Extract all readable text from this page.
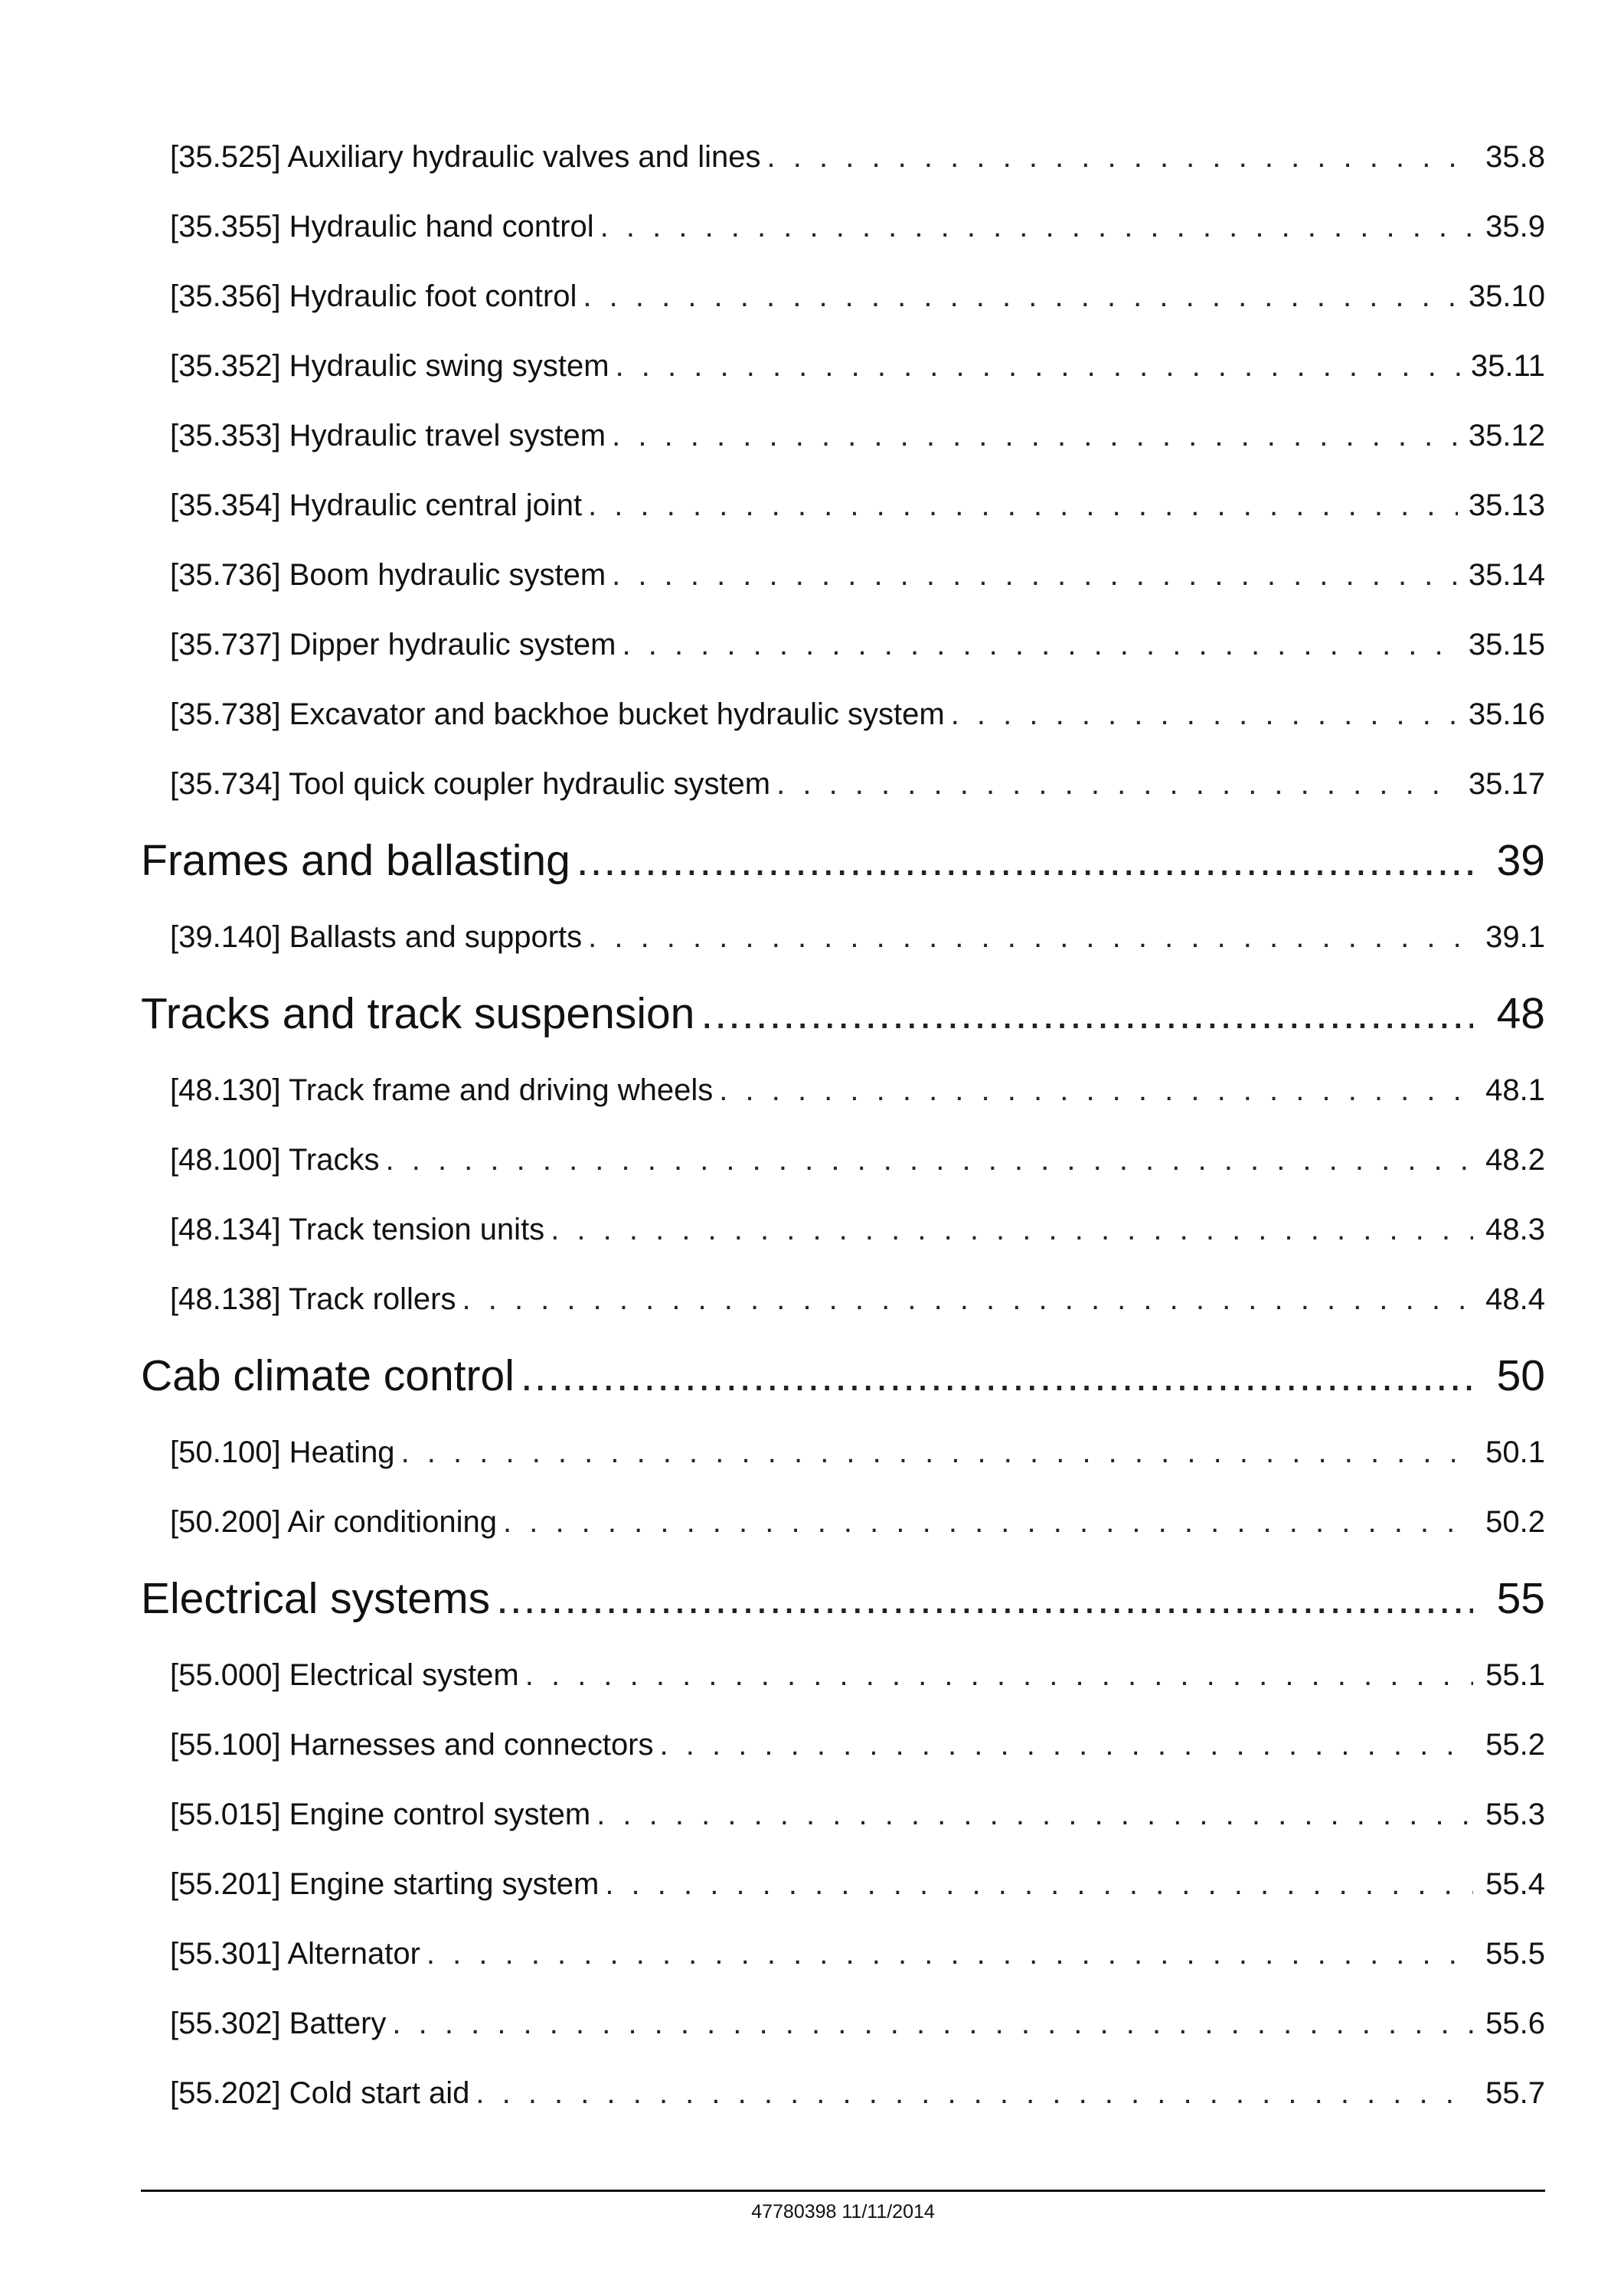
[35.525] Auxiliary hydraulic valves and lines . . .	35.8
[35.355] Hydraulic hand control . . .	35.9
[35.356] Hydraulic foot control . . .	35.10
[35.352] Hydraulic swing system . . .	35.11
[35.353] Hydraulic travel system . . .	35.12
[35.354] Hydraulic central joint . . .	35.13
[35.736] Boom hydraulic system . . .	35.14
[35.737] Dipper hydraulic system . . .	35.15
[35.738] Excavator and backhoe bucket hydraulic system . . .	35.16
[35.734] Tool quick coupler hydraulic system . . .	35.17
Frames and ballasting .....	39
[39.140] Ballasts and supports . . .	39.1
Tracks and track suspension .....	48
[48.130] Track frame and driving wheels . . .	48.1
[48.100] Tracks . . .	48.2
[48.134] Track tension units . . .	48.3
[48.138] Track rollers . . .	48.4
Cab climate control .....	50
[50.100] Heating . . .	50.1
[50.200] Air conditioning . . .	50.2
Electrical systems .....	55
[55.000] Electrical system . . .	55.1
[55.100] Harnesses and connectors . . .	55.2
[55.015] Engine control system . . .	55.3
[55.201] Engine starting system . . .	55.4
[55.301] Alternator . . .	55.5
[55.302] Battery . . .	55.6
[55.202] Cold start aid . . .	55.7
47780398 11/11/2014
